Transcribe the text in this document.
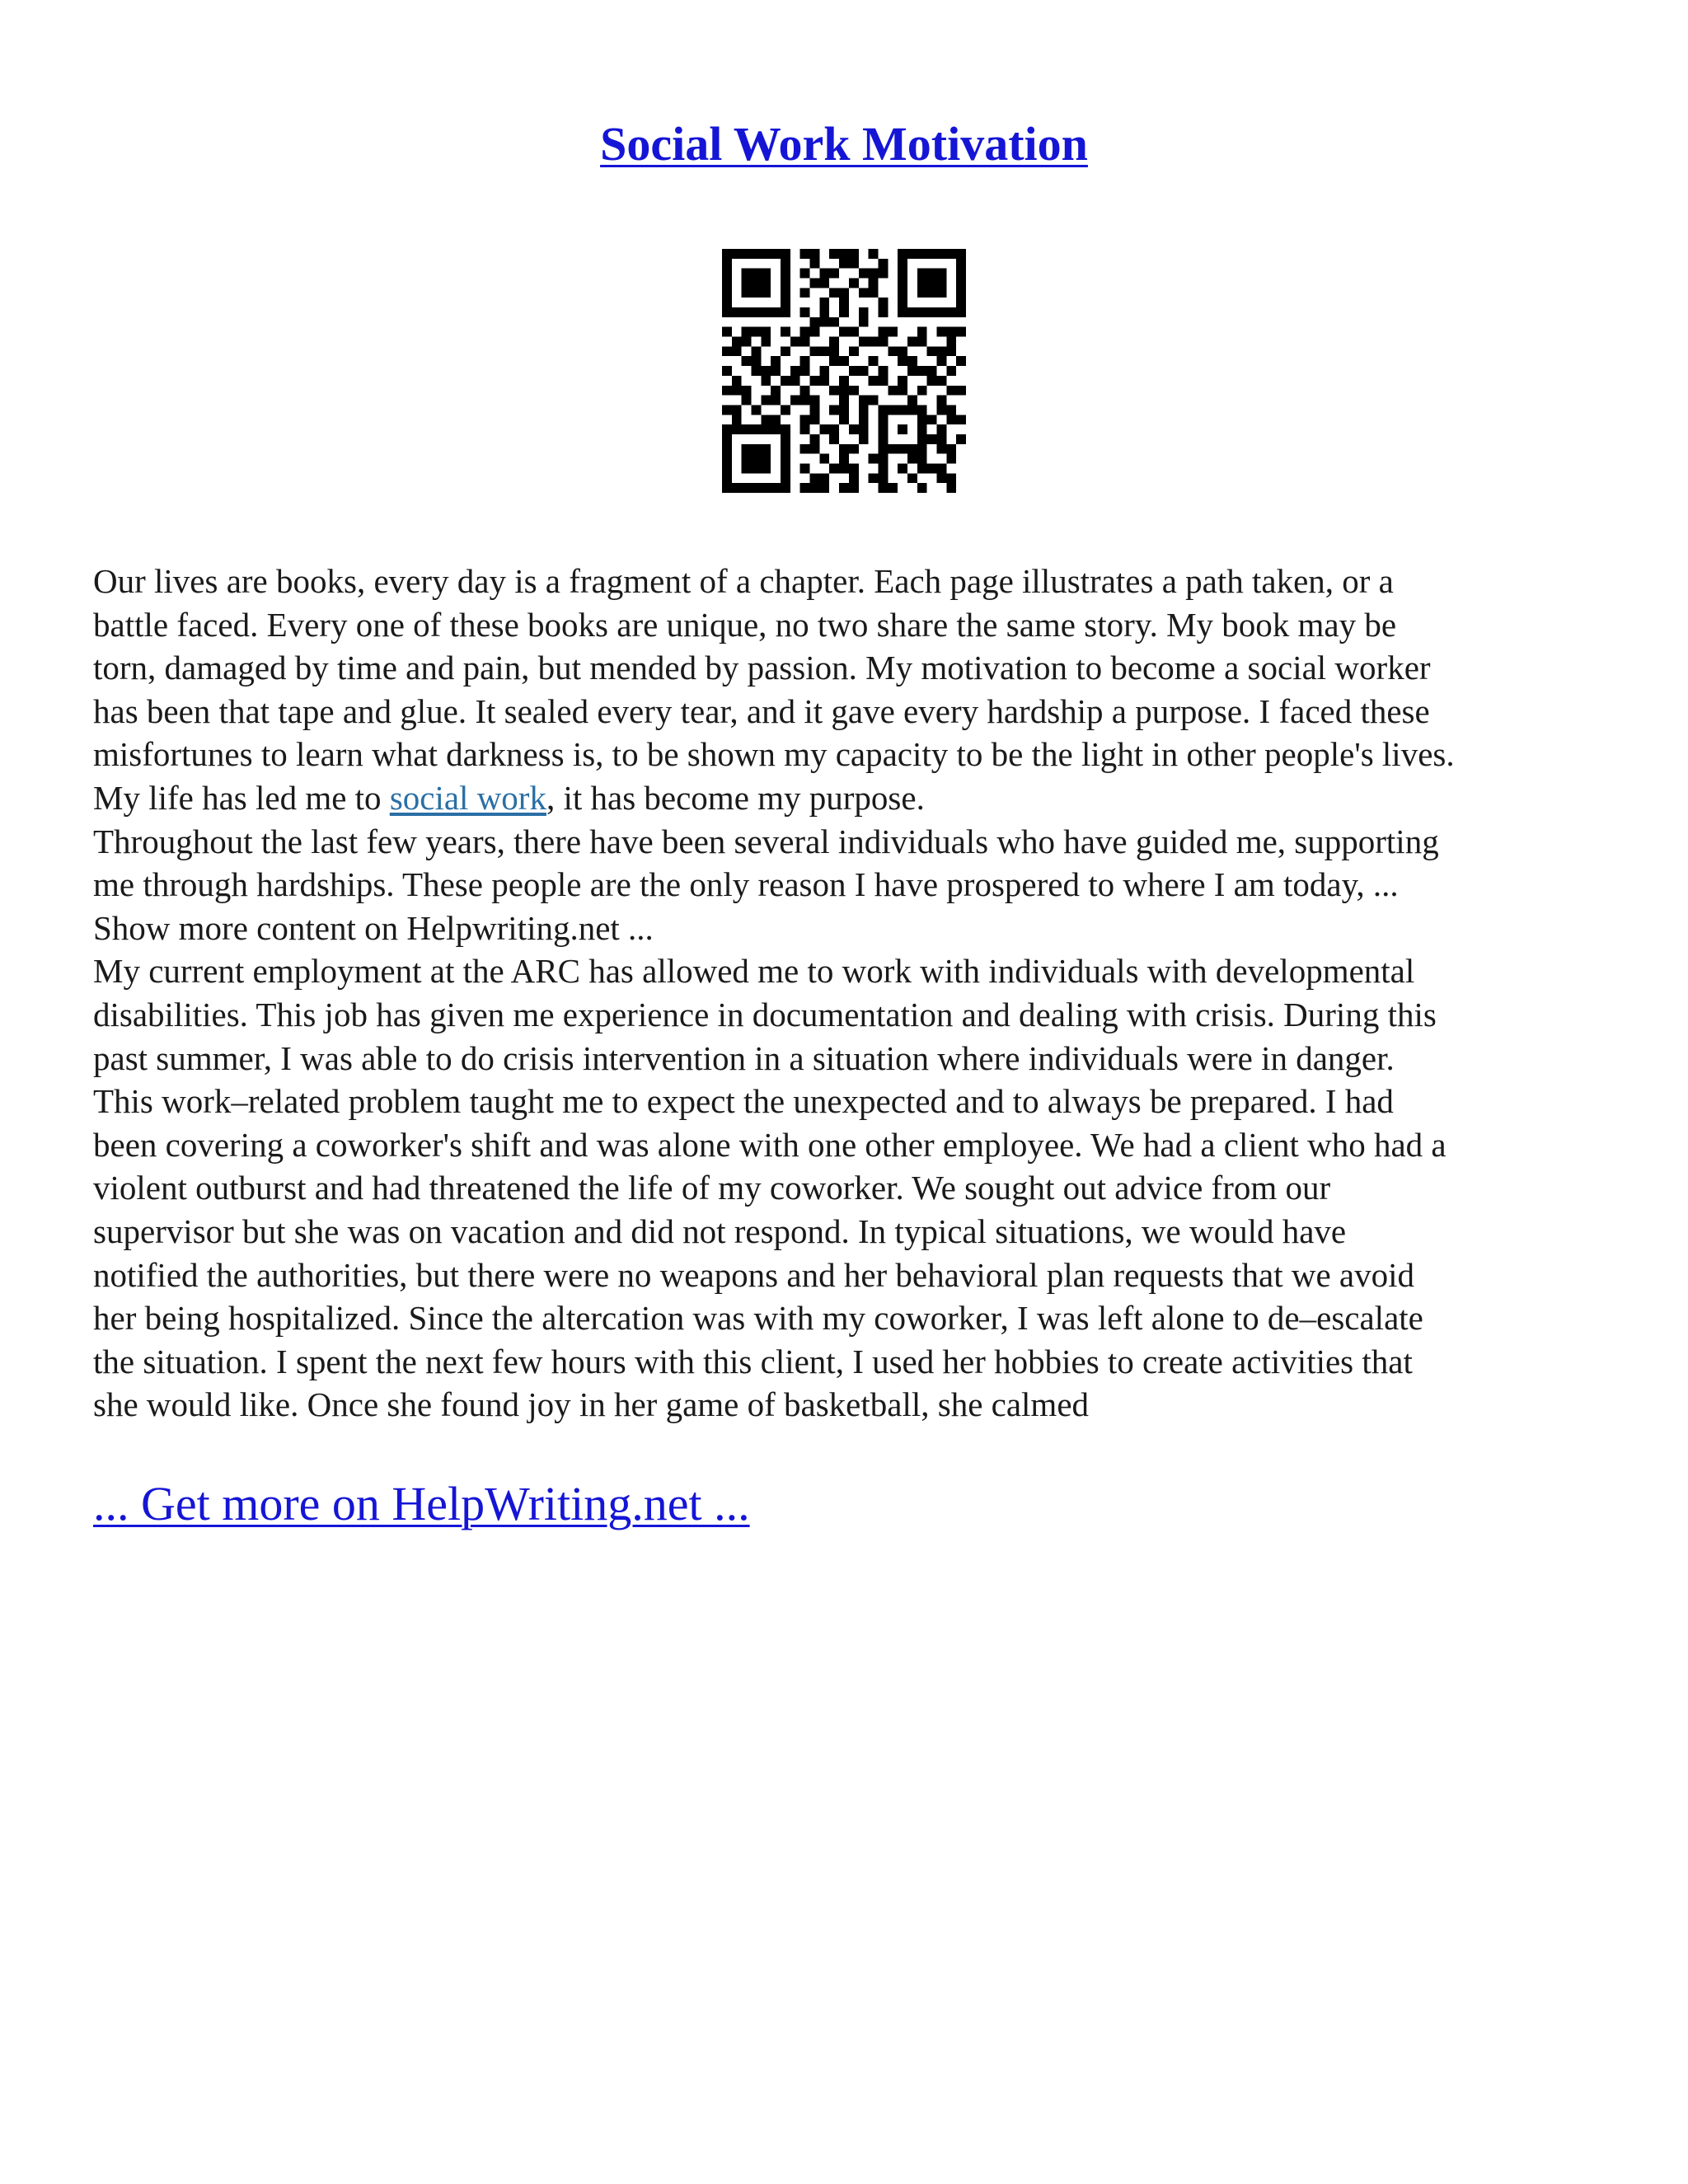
Social Work Motivation
Our lives are books, every day is a fragment of a chapter. Each page illustrates a path taken, or a
battle faced. Every one of these books are unique, no two share the same story. My book may be
torn, damaged by time and pain, but mended by passion. My motivation to become a social worker
has been that tape and glue. It sealed every tear, and it gave every hardship a purpose. I faced these
misfortunes to learn what darkness is, to be shown my capacity to be the light in other people's lives.
My life has led me to social work, it has become my purpose.
Throughout the last few years, there have been several individuals who have guided me, supporting
me through hardships. These people are the only reason I have prospered to where I am today, ...
Show more content on Helpwriting.net ...
My current employment at the ARC has allowed me to work with individuals with developmental
disabilities. This job has given me experience in documentation and dealing with crisis. During this
past summer, I was able to do crisis intervention in a situation where individuals were in danger.
This work–related problem taught me to expect the unexpected and to always be prepared. I had
been covering a coworker's shift and was alone with one other employee. We had a client who had a
violent outburst and had threatened the life of my coworker. We sought out advice from our
supervisor but she was on vacation and did not respond. In typical situations, we would have
notified the authorities, but there were no weapons and her behavioral plan requests that we avoid
her being hospitalized. Since the altercation was with my coworker, I was left alone to de–escalate
the situation. I spent the next few hours with this client, I used her hobbies to create activities that
she would like. Once she found joy in her game of basketball, she calmed
... Get more on HelpWriting.net ...
